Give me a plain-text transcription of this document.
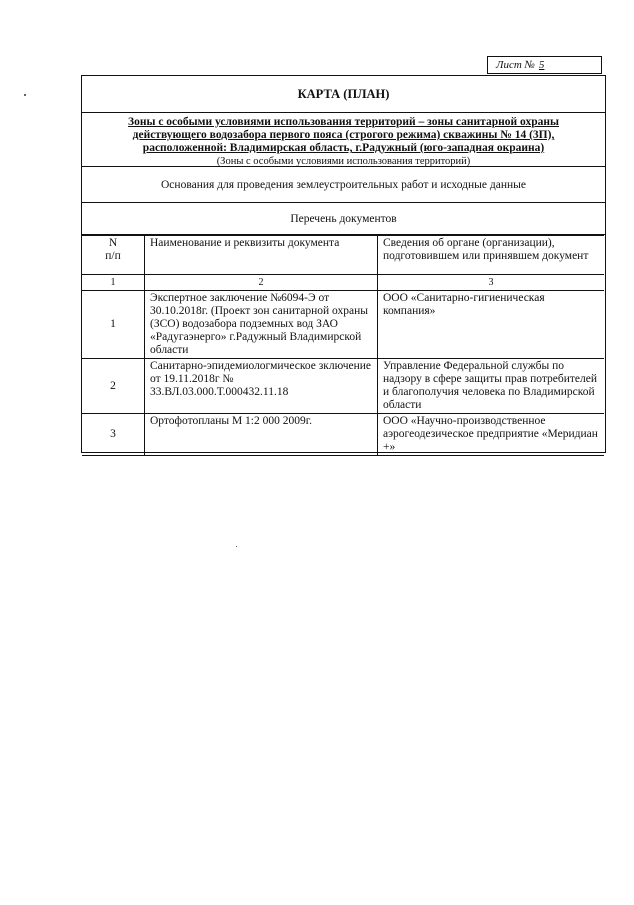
Лист № 5
КАРТА (ПЛАН)
Зоны с особыми условиями использования территорий – зоны санитарной охраны
действующего водозабора первого пояса (строгого режима) скважины № 14 (3П),
расположенной: Владимирская область, г.Радужный (юго-западная окраина)
(Зоны с особыми условиями использования территорий)
Основания для проведения землеустроительных работ и исходные данные
Перечень документов
N
п/п	Наименование и реквизиты документа	Сведения об органе (организации), подготовившем или принявшем документ
1	2	3
1	Экспертное заключение №6094-Э от 30.10.2018г. (Проект зон санитарной охраны (ЗСО) водозабора подземных вод ЗАО «Радугаэнерго» г.Радужный Владимирской области	ООО «Санитарно-гигиеническая компания»
2	Санитарно-эпидемиологмическое зключение от 19.11.2018г № 33.ВЛ.03.000.Т.000432.11.18	Управление Федеральной службы по надзору в сфере защиты прав потребителей и благополучия человека по Владимирской области
3	Ортофотопланы М 1:2 000 2009г.	ООО «Научно-производственное аэрогеодезическое предприятие «Меридиан +»
